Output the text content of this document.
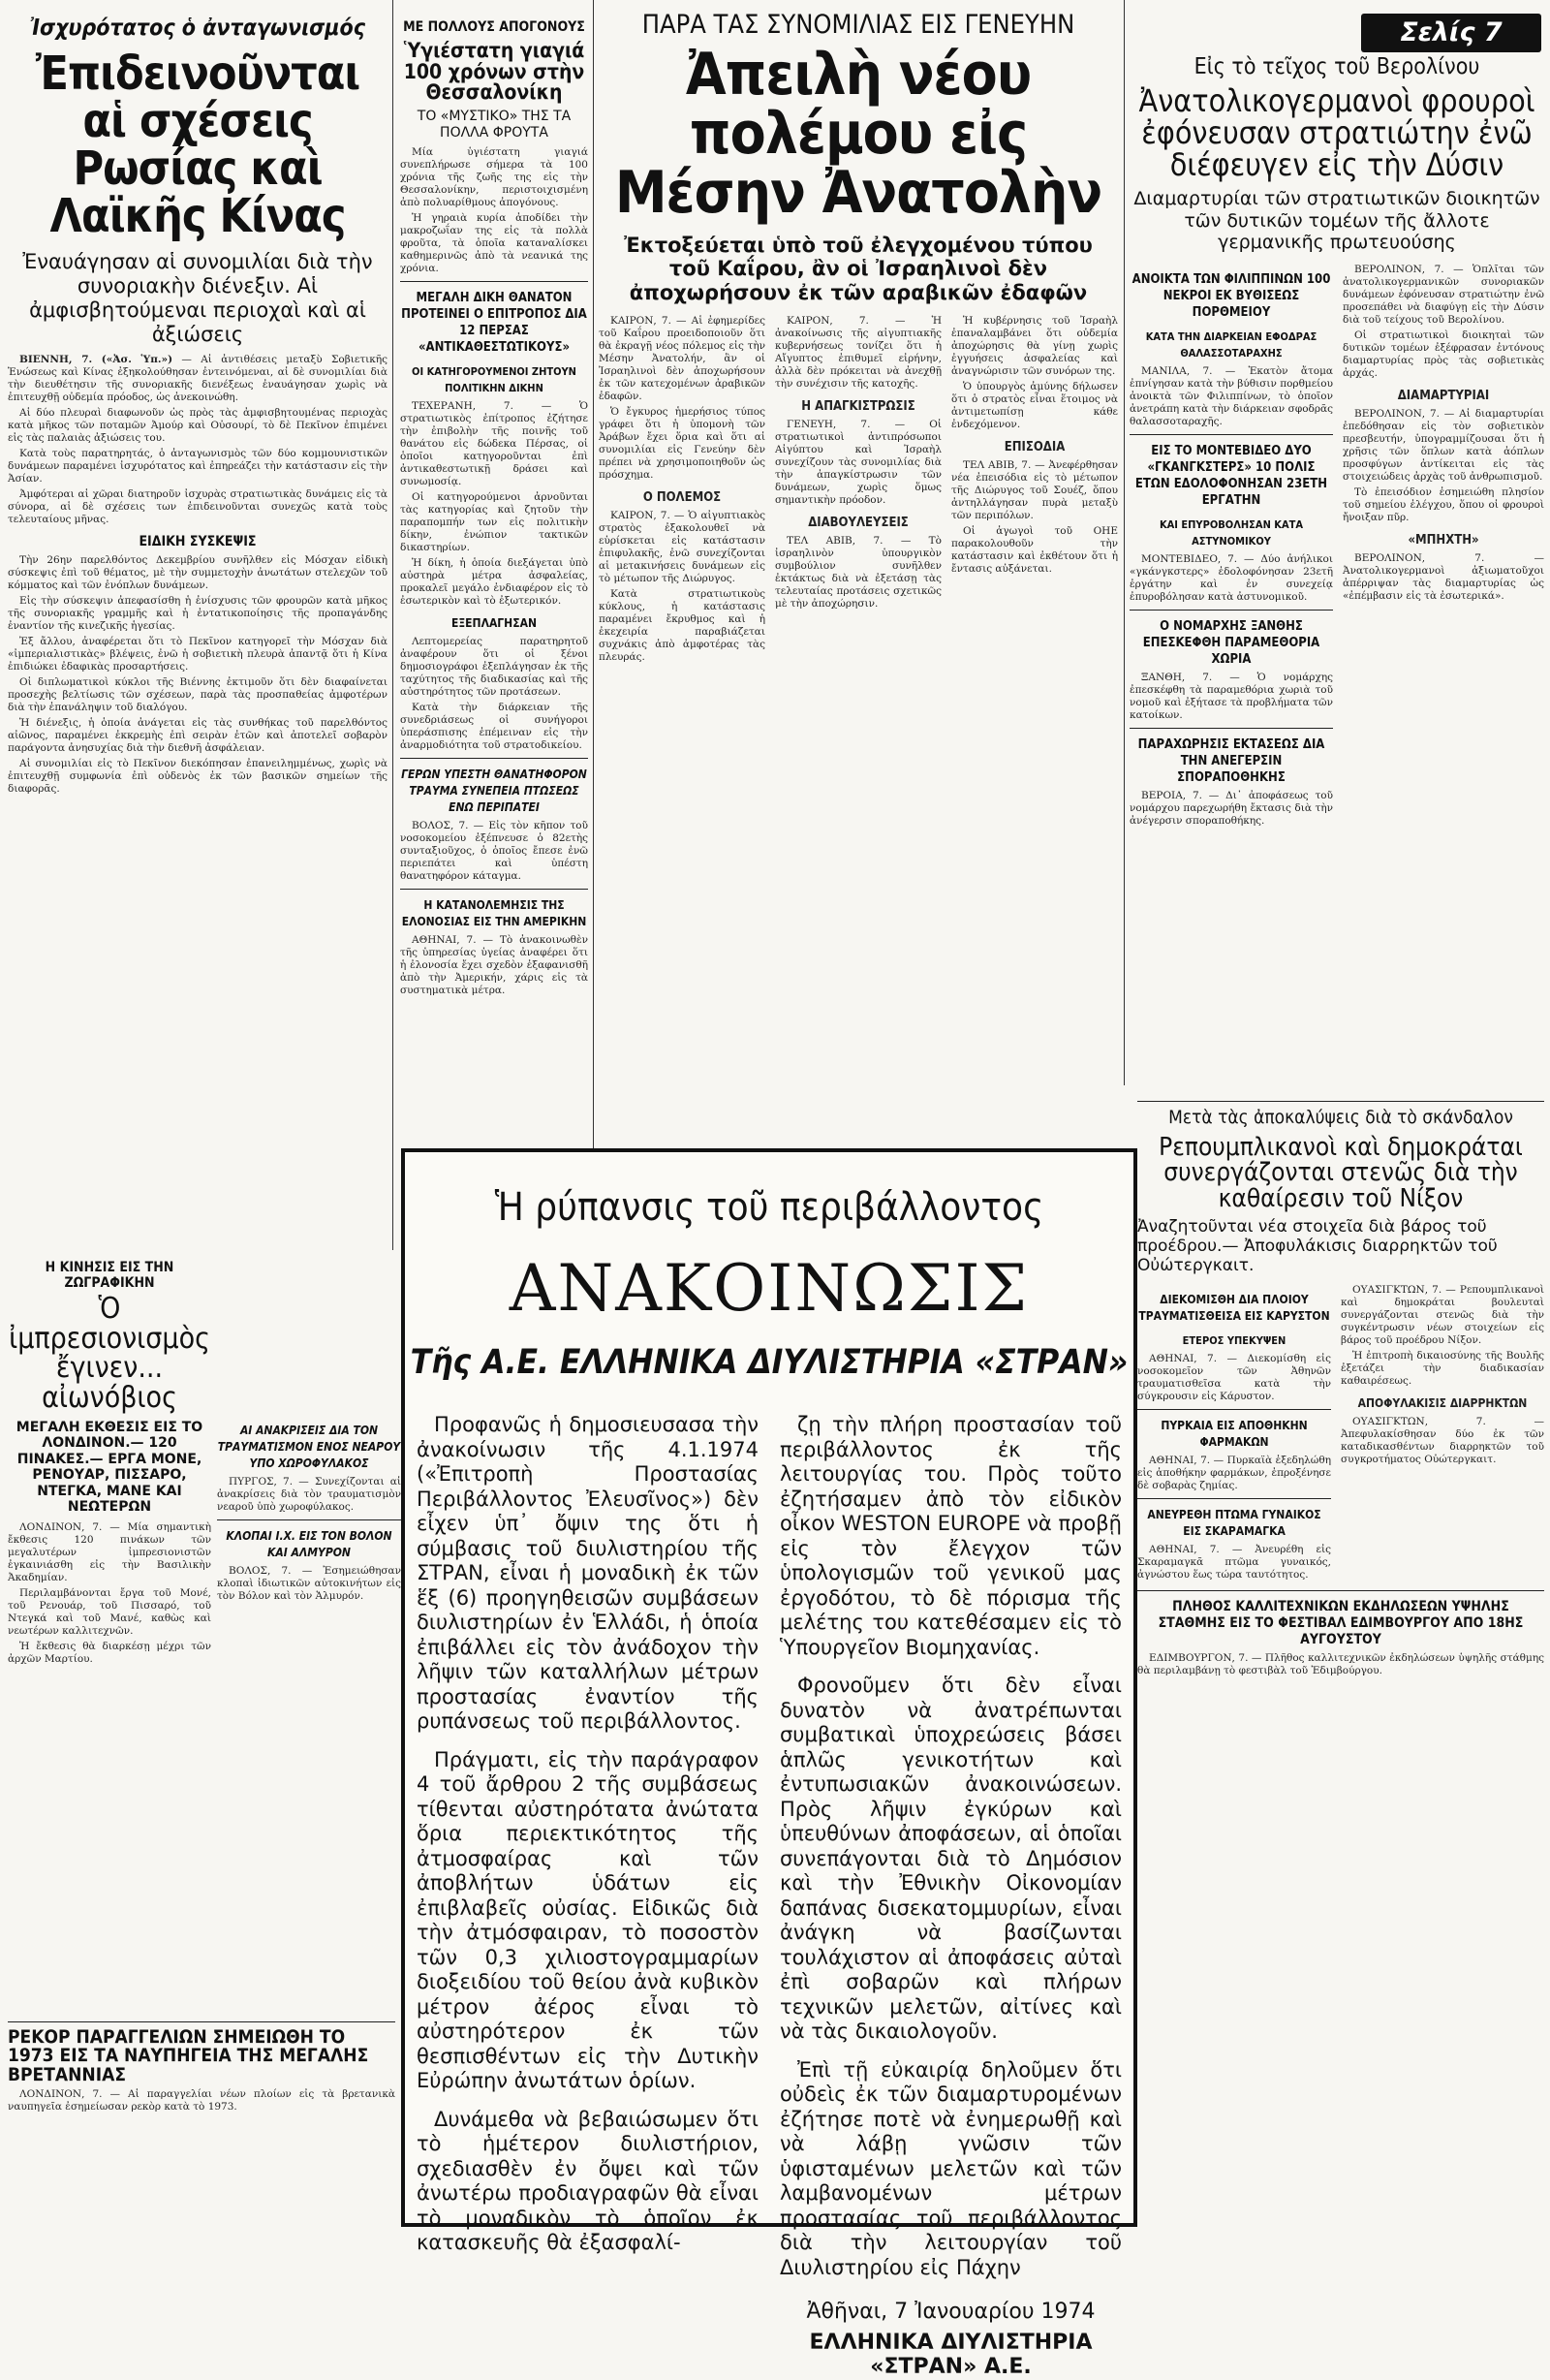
Ἰσχυρότατος ὁ ἀνταγωνισμός
Ἐπιδεινοῦνται αἱ σχέσεις Ρωσίας καὶ Λαϊκῆς Κίνας
Ἐναυάγησαν αἱ συνομιλίαι διὰ τὴν συνοριακὴν διένεξιν. Αἱ ἀμφισβητούμεναι περιοχαὶ καὶ αἱ ἀξιώσεις

ΒΙΕΝΝΗ, 7. («Ἀσ. Ὑπ.») — Αἱ ἀντιθέσεις μεταξὺ Σοβιετικῆς Ἑνώσεως καὶ Κίνας ἐξηκολούθησαν ἐντεινόμεναι, αἱ δὲ συνομιλίαι διὰ τὴν διευθέτησιν τῆς συνοριακῆς διενέξεως ἐναυάγησαν χωρὶς νὰ ἐπιτευχθῇ οὐδεμία πρόοδος, ὡς ἀνεκοινώθη.

Αἱ δύο πλευραὶ διαφωνοῦν ὡς πρὸς τὰς ἀμφισβητουμένας περιοχὰς κατὰ μῆκος τῶν ποταμῶν Ἀμούρ καὶ Οὐσουρί, τὸ δὲ Πεκῖνον ἐπιμένει εἰς τὰς παλαιὰς ἀξιώσεις του.

Κατὰ τοὺς παρατηρητάς, ὁ ἀνταγωνισμὸς τῶν δύο κομμουνιστικῶν δυνάμεων παραμένει ἰσχυρότατος καὶ ἐπηρεάζει τὴν κατάστασιν εἰς τὴν Ἀσίαν.

Ἀμφότεραι αἱ χῶραι διατηροῦν ἰσχυρὰς στρατιωτικὰς δυνάμεις εἰς τὰ σύνορα, αἱ δὲ σχέσεις των ἐπιδεινοῦνται συνεχῶς κατὰ τοὺς τελευταίους μῆνας.

ΕΙΔΙΚΗ ΣΥΣΚΕΨΙΣ

Τὴν 26ην παρελθόντος Δεκεμβρίου συνῆλθεν εἰς Μόσχαν εἰδικὴ σύσκεψις ἐπὶ τοῦ θέματος, μὲ τὴν συμμετοχὴν ἀνωτάτων στελεχῶν τοῦ κόμματος καὶ τῶν ἐνόπλων δυνάμεων.

Εἰς τὴν σύσκεψιν ἀπεφασίσθη ἡ ἐνίσχυσις τῶν φρουρῶν κατὰ μῆκος τῆς συνοριακῆς γραμμῆς καὶ ἡ ἐντατικοποίησις τῆς προπαγάνδης ἐναντίον τῆς κινεζικῆς ἡγεσίας.

Ἐξ ἄλλου, ἀναφέρεται ὅτι τὸ Πεκῖνον κατηγορεῖ τὴν Μόσχαν διὰ «ἰμπεριαλιστικὰς» βλέψεις, ἐνῶ ἡ σοβιετικὴ πλευρὰ ἀπαντᾷ ὅτι ἡ Κίνα ἐπιδιώκει ἐδαφικὰς προσαρτήσεις.

Οἱ διπλωματικοὶ κύκλοι τῆς Βιέννης ἐκτιμοῦν ὅτι δὲν διαφαίνεται προσεχὴς βελτίωσις τῶν σχέσεων, παρὰ τὰς προσπαθείας ἀμφοτέρων διὰ τὴν ἐπανάληψιν τοῦ διαλόγου.

Ἡ διένεξις, ἡ ὁποία ἀνάγεται εἰς τὰς συνθήκας τοῦ παρελθόντος αἰῶνος, παραμένει ἐκκρεμὴς ἐπὶ σειρὰν ἐτῶν καὶ ἀποτελεῖ σοβαρὸν παράγοντα ἀνησυχίας διὰ τὴν διεθνῆ ἀσφάλειαν.

Αἱ συνομιλίαι εἰς τὸ Πεκῖνον διεκόπησαν ἐπανειλημμένως, χωρὶς νὰ ἐπιτευχθῇ συμφωνία ἐπὶ οὐδενὸς ἐκ τῶν βασικῶν σημείων τῆς διαφορᾶς.

ΜΕ ΠΟΛΛΟΥΣ ΑΠΟΓΟΝΟΥΣ
Ὑγιέστατη γιαγιά 100 χρόνων στὴν Θεσσαλονίκη
ΤΟ «ΜΥΣΤΙΚΟ» ΤΗΣ ΤΑ ΠΟΛΛΑ ΦΡΟΥΤΑ

Μία ὑγιέστατη γιαγιά συνεπλήρωσε σήμερα τὰ 100 χρόνια τῆς ζωῆς της εἰς τὴν Θεσσαλονίκην, περιστοιχισμένη ἀπὸ πολυαρίθμους ἀπογόνους.

Ἡ γηραιὰ κυρία ἀποδίδει τὴν μακροζωΐαν της εἰς τὰ πολλὰ φροῦτα, τὰ ὁποῖα καταναλίσκει καθημερινῶς ἀπὸ τὰ νεανικά της χρόνια.

ΜΕΓΑΛΗ ΔΙΚΗ ΘΑΝΑΤΟΝ ΠΡΟΤΕΙΝΕΙ Ο ΕΠΙΤΡΟΠΟΣ ΔΙΑ 12 ΠΕΡΣΑΣ «ΑΝΤΙΚΑΘΕΣΤΩΤΙΚΟΥΣ»
ΟΙ ΚΑΤΗΓΟΡΟΥΜΕΝΟΙ ΖΗΤΟΥΝ ΠΟΛΙΤΙΚΗΝ ΔΙΚΗΝ

ΤΕΧΕΡΑΝΗ, 7. — Ὁ στρατιωτικὸς ἐπίτροπος ἐζήτησε τὴν ἐπιβολὴν τῆς ποινῆς τοῦ θανάτου εἰς δώδεκα Πέρσας, οἱ ὁποῖοι κατηγοροῦνται ἐπὶ ἀντικαθεστωτικῇ δράσει καὶ συνωμοσίᾳ.

Οἱ κατηγορούμενοι ἀρνοῦνται τὰς κατηγορίας καὶ ζητοῦν τὴν παραπομπήν των εἰς πολιτικὴν δίκην, ἐνώπιον τακτικῶν δικαστηρίων.

Ἡ δίκη, ἡ ὁποία διεξάγεται ὑπὸ αὐστηρὰ μέτρα ἀσφαλείας, προκαλεῖ μεγάλο ἐνδιαφέρον εἰς τὸ ἐσωτερικὸν καὶ τὸ ἐξωτερικόν.

ΕΞΕΠΛΑΓΗΣΑΝ

Λεπτομερείας παρατηρητοῦ ἀναφέρουν ὅτι οἱ ξένοι δημοσιογράφοι ἐξεπλάγησαν ἐκ τῆς ταχύτητος τῆς διαδικασίας καὶ τῆς αὐστηρότητος τῶν προτάσεων.

Κατὰ τὴν διάρκειαν τῆς συνεδριάσεως οἱ συνήγοροι ὑπεράσπισης ἐπέμειναν εἰς τὴν ἀναρμοδιότητα τοῦ στρατοδικείου.

ΓΕΡΩΝ ΥΠΕΣΤΗ ΘΑΝΑΤΗΦΟΡΟΝ ΤΡΑΥΜΑ ΣΥΝΕΠΕΙΑ ΠΤΩΣΕΩΣ ΕΝΩ ΠΕΡΙΠΑΤΕΙ

ΒΟΛΟΣ, 7. — Εἰς τὸν κῆπον τοῦ νοσοκομείου ἐξέπνευσε ὁ 82ετὴς συνταξιοῦχος, ὁ ὁποῖος ἔπεσε ἐνῶ περιεπάτει καὶ ὑπέστη θανατηφόρον κάταγμα.

Η ΚΑΤΑΝΟΛΕΜΗΣΙΣ ΤΗΣ ΕΛΟΝΟΣΙΑΣ ΕΙΣ ΤΗΝ ΑΜΕΡΙΚΗΝ

ΑΘΗΝΑΙ, 7. — Τὸ ἀνακοινωθὲν τῆς ὑπηρεσίας ὑγείας ἀναφέρει ὅτι ἡ ἐλονοσία ἔχει σχεδὸν ἐξαφανισθῆ ἀπὸ τὴν Ἀμερικήν, χάρις εἰς τὰ συστηματικὰ μέτρα.

ΠΑΡΑ ΤΑΣ ΣΥΝΟΜΙΛΙΑΣ ΕΙΣ ΓΕΝΕΥΗΝ
Ἀπειλὴ νέου πολέμου εἰς Μέσην Ἀνατολὴν
Ἐκτοξεύεται ὑπὸ τοῦ ἐλεγχομένου τύπου τοῦ Καΐρου, ἂν οἱ Ἰσραηλινοὶ δὲν ἀποχωρήσουν ἐκ τῶν αραβικῶν ἐδαφῶν

ΚΑΙΡΟΝ, 7. — Αἱ ἐφημερίδες τοῦ Καΐρου προειδοποιοῦν ὅτι θὰ ἐκραγῇ νέος πόλεμος εἰς τὴν Μέσην Ἀνατολήν, ἂν οἱ Ἰσραηλινοὶ δὲν ἀποχωρήσουν ἐκ τῶν κατεχομένων ἀραβικῶν ἐδαφῶν.

Ὁ ἔγκυρος ἡμερήσιος τύπος γράφει ὅτι ἡ ὑπομονὴ τῶν Ἀράβων ἔχει ὅρια καὶ ὅτι αἱ συνομιλίαι εἰς Γενεύην δὲν πρέπει νὰ χρησιμοποιηθοῦν ὡς πρόσχημα.

Ο ΠΟΛΕΜΟΣ

ΚΑΙΡΟΝ, 7. — Ὁ αἰγυπτιακὸς στρατὸς ἐξακολουθεῖ νὰ εὑρίσκεται εἰς κατάστασιν ἐπιφυλακῆς, ἐνῶ συνεχίζονται αἱ μετακινήσεις δυνάμεων εἰς τὸ μέτωπον τῆς Διώρυγος.

Κατὰ στρατιωτικοὺς κύκλους, ἡ κατάστασις παραμένει ἔκρυθμος καὶ ἡ ἐκεχειρία παραβιάζεται συχνάκις ἀπὸ ἀμφοτέρας τὰς πλευράς.

ΚΑΙΡΟΝ, 7. — Ἡ ἀνακοίνωσις τῆς αἰγυπτιακῆς κυβερνήσεως τονίζει ὅτι ἡ Αἴγυπτος ἐπιθυμεῖ εἰρήνην, ἀλλὰ δὲν πρόκειται νὰ ἀνεχθῇ τὴν συνέχισιν τῆς κατοχῆς.

Η ΑΠΑΓΚΙΣΤΡΩΣΙΣ

ΓΕΝΕΥΗ, 7. — Οἱ στρατιωτικοὶ ἀντιπρόσωποι Αἰγύπτου καὶ Ἰσραὴλ συνεχίζουν τὰς συνομιλίας διὰ τὴν ἀπαγκίστρωσιν τῶν δυνάμεων, χωρὶς ὅμως σημαντικὴν πρόοδον.

ΔΙΑΒΟΥΛΕΥΣΕΙΣ

ΤΕΛ ΑΒΙΒ, 7. — Τὸ ἰσραηλινὸν ὑπουργικὸν συμβούλιον συνῆλθεν ἐκτάκτως διὰ νὰ ἐξετάσῃ τὰς τελευταίας προτάσεις σχετικῶς μὲ τὴν ἀποχώρησιν.

Ἡ κυβέρνησις τοῦ Ἰσραὴλ ἐπαναλαμβάνει ὅτι οὐδεμία ἀποχώρησις θὰ γίνῃ χωρὶς ἐγγυήσεις ἀσφαλείας καὶ ἀναγνώρισιν τῶν συνόρων της.

Ὁ ὑπουργὸς ἀμύνης δήλωσεν ὅτι ὁ στρατὸς εἶναι ἕτοιμος νὰ ἀντιμετωπίσῃ κάθε ἐνδεχόμενον.

ΕΠΙΣΟΔΙΑ

ΤΕΛ ΑΒΙΒ, 7. — Ἀνεφέρθησαν νέα ἐπεισόδια εἰς τὸ μέτωπον τῆς Διώρυγος τοῦ Σουέζ, ὅπου ἀντηλλάγησαν πυρὰ μεταξὺ τῶν περιπόλων.

Οἱ ἀγωγοὶ τοῦ ΟΗΕ παρακολουθοῦν τὴν κατάστασιν καὶ ἐκθέτουν ὅτι ἡ ἔντασις αὐξάνεται.

Σελίς 7
Εἰς τὸ τεῖχος τοῦ Βερολίνου
Ἀνατολικογερμανοὶ φρουροὶ ἐφόνευσαν στρατιώτην ἐνῶ διέφευγεν εἰς τὴν Δύσιν
Διαμαρτυρίαι τῶν στρατιωτικῶν διοικητῶν τῶν δυτικῶν τομέων τῆς ἄλλοτε γερμανικῆς πρωτευούσης
ΑΝΟΙΚΤΑ ΤΩΝ ΦΙΛΙΠΠΙΝΩΝ 100 ΝΕΚΡΟΙ ΕΚ ΒΥΘΙΣΕΩΣ ΠΟΡΘΜΕΙΟΥ
ΚΑΤΑ ΤΗΝ ΔΙΑΡΚΕΙΑΝ ΕΦΟΔΡΑΣ ΘΑΛΑΣΣΟΤΑΡΑΧΗΣ

ΜΑΝΙΛΑ, 7. — Ἑκατὸν ἄτομα ἐπνίγησαν κατὰ τὴν βύθισιν πορθμείου ἀνοικτὰ τῶν Φιλιππίνων, τὸ ὁποῖον ἀνετράπη κατὰ τὴν διάρκειαν σφοδρᾶς θαλασσοταραχῆς.

ΕΙΣ ΤΟ ΜΟΝΤΕΒΙΔΕΟ ΔΥΟ «ΓΚΑΝΓΚΣΤΕΡΣ» 10 ΠΟΛΙΣ ΕΤΩΝ ΕΔΟΛΟΦΟΝΗΣΑΝ 23ΕΤΗ ΕΡΓΑΤΗΝ
ΚΑΙ ΕΠΥΡΟΒΟΛΗΣΑΝ ΚΑΤΑ ΑΣΤΥΝΟΜΙΚΟΥ

ΜΟΝΤΕΒΙΔΕΟ, 7. — Δύο ἀνήλικοι «γκάνγκστερς» ἐδολοφόνησαν 23ετῆ ἐργάτην καὶ ἐν συνεχείᾳ ἐπυροβόλησαν κατὰ ἀστυνομικοῦ.

Ο ΝΟΜΑΡΧΗΣ ΞΑΝΘΗΣ ΕΠΕΣΚΕΦΘΗ ΠΑΡΑΜΕΘΟΡΙΑ ΧΩΡΙΑ

ΞΑΝΘΗ, 7. — Ὁ νομάρχης ἐπεσκέφθη τὰ παραμεθόρια χωριὰ τοῦ νομοῦ καὶ ἐξήτασε τὰ προβλήματα τῶν κατοίκων.

ΠΑΡΑΧΩΡΗΣΙΣ ΕΚΤΑΣΕΩΣ ΔΙΑ ΤΗΝ ΑΝΕΓΕΡΣΙΝ ΣΠΟΡΑΠΟΘΗΚΗΣ

ΒΕΡΟΙΑ, 7. — Δι᾽ ἀποφάσεως τοῦ νομάρχου παρεχωρήθη ἔκτασις διὰ τὴν ἀνέγερσιν σποραποθήκης.

ΒΕΡΟΛΙΝΟΝ, 7. — Ὁπλῖται τῶν ἀνατολικογερμανικῶν συνοριακῶν δυνάμεων ἐφόνευσαν στρατιώτην ἐνῶ προσεπάθει νὰ διαφύγῃ εἰς τὴν Δύσιν διὰ τοῦ τείχους τοῦ Βερολίνου.

Οἱ στρατιωτικοὶ διοικηταὶ τῶν δυτικῶν τομέων ἐξέφρασαν ἐντόνους διαμαρτυρίας πρὸς τὰς σοβιετικὰς ἀρχάς.

ΔΙΑΜΑΡΤΥΡΙΑΙ

ΒΕΡΟΛΙΝΟΝ, 7. — Αἱ διαμαρτυρίαι ἐπεδόθησαν εἰς τὸν σοβιετικὸν πρεσβευτήν, ὑπογραμμίζουσαι ὅτι ἡ χρῆσις τῶν ὅπλων κατὰ ἀόπλων προσφύγων ἀντίκειται εἰς τὰς στοιχειώδεις ἀρχὰς τοῦ ἀνθρωπισμοῦ.

Τὸ ἐπεισόδιον ἐσημειώθη πλησίον τοῦ σημείου ἐλέγχου, ὅπου οἱ φρουροὶ ἤνοιξαν πῦρ.

«ΜΠΗΧΤΗ»

ΒΕΡΟΛΙΝΟΝ, 7. — Ἀνατολικογερμανοὶ ἀξιωματοῦχοι ἀπέρριψαν τὰς διαμαρτυρίας ὡς «ἐπέμβασιν εἰς τὰ ἐσωτερικά».

Η ΚΙΝΗΣΙΣ ΕΙΣ ΤΗΝ ΖΩΓΡΑΦΙΚΗΝ
Ὁ ἰμπρεσιονισμὸς ἔγινεν... αἰωνόβιος
ΜΕΓΑΛΗ ΕΚΘΕΣΙΣ ΕΙΣ ΤΟ ΛΟΝΔΙΝΟΝ.— 120 ΠΙΝΑΚΕΣ.— ΕΡΓΑ ΜΟΝΕ, ΡΕΝΟΥΑΡ, ΠΙΣΣΑΡΟ, ΝΤΕΓΚΑ, ΜΑΝΕ ΚΑΙ ΝΕΩΤΕΡΩΝ

ΛΟΝΔΙΝΟΝ, 7. — Μία σημαντικὴ ἔκθεσις 120 πινάκων τῶν μεγαλυτέρων ἰμπρεσιονιστῶν ἐγκαινιάσθη εἰς τὴν Βασιλικὴν Ἀκαδημίαν.

Περιλαμβάνονται ἔργα τοῦ Μονέ, τοῦ Ρενουάρ, τοῦ Πισσαρό, τοῦ Ντεγκά καὶ τοῦ Μανέ, καθὼς καὶ νεωτέρων καλλιτεχνῶν.

Ἡ ἔκθεσις θὰ διαρκέσῃ μέχρι τῶν ἀρχῶν Μαρτίου.

ΑΙ ΑΝΑΚΡΙΣΕΙΣ ΔΙΑ ΤΟΝ ΤΡΑΥΜΑΤΙΣΜΟΝ ΕΝΟΣ ΝΕΑΡΟΥ ΥΠΟ ΧΩΡΟΦΥΛΑΚΟΣ

ΠΥΡΓΟΣ, 7. — Συνεχίζονται αἱ ἀνακρίσεις διὰ τὸν τραυματισμὸν νεαροῦ ὑπὸ χωροφύλακος.

ΚΛΟΠΑΙ Ι.Χ. ΕΙΣ ΤΟΝ ΒΟΛΟΝ ΚΑΙ ΑΛΜΥΡΟΝ

ΒΟΛΟΣ, 7. — Ἐσημειώθησαν κλοπαὶ ἰδιωτικῶν αὐτοκινήτων εἰς τὸν Βόλον καὶ τὸν Ἁλμυρόν.

ΡΕΚΟΡ ΠΑΡΑΓΓΕΛΙΩΝ ΣΗΜΕΙΩΘΗ ΤΟ 1973 ΕΙΣ ΤΑ ΝΑΥΠΗΓΕΙΑ ΤΗΣ ΜΕΓΑΛΗΣ ΒΡΕΤΑΝΝΙΑΣ

ΛΟΝΔΙΝΟΝ, 7. — Αἱ παραγγελίαι νέων πλοίων εἰς τὰ βρετανικὰ ναυπηγεῖα ἐσημείωσαν ρεκὸρ κατὰ τὸ 1973.

Ἡ ρύπανσις τοῦ περιβάλλοντος
ΑΝΑΚΟΙΝΩΣΙΣ
Τῆς Α.Ε. ΕΛΛΗΝΙΚΑ ΔΙΥΛΙΣΤΗΡΙΑ «ΣΤΡΑΝ»

Προφανῶς ἡ δημοσιευσασα τὴν ἀνακοίνωσιν τῆς 4.1.1974 («Ἐπιτροπὴ Προστασίας Περιβάλλοντος Ἐλευσῖνος») δὲν εἶχεν ὑπ᾽ ὄψιν της ὅτι ἡ σύμβασις τοῦ διυλιστηρίου τῆς ΣΤΡΑΝ, εἶναι ἡ μοναδικὴ ἐκ τῶν ἕξ (6) προηγηθεισῶν συμβάσεων διυλιστηρίων ἐν Ἑλλάδι, ἡ ὁποία ἐπιβάλλει εἰς τὸν ἀνάδοχον τὴν λῆψιν τῶν καταλλήλων μέτρων προστασίας ἐναντίον τῆς ρυπάνσεως τοῦ περιβάλλοντος.

Πράγματι, εἰς τὴν παράγραφον 4 τοῦ ἄρθρου 2 τῆς συμβάσεως τίθενται αὐστηρότατα ἀνώτατα ὅρια περιεκτικότητος τῆς ἀτμοσφαίρας καὶ τῶν ἀποβλήτων ὑδάτων εἰς ἐπιβλαβεῖς οὐσίας. Εἰδικῶς διὰ τὴν ἀτμόσφαιραν, τὸ ποσοστὸν τῶν 0,3 χιλιοστογραμμαρίων διοξειδίου τοῦ θείου ἀνὰ κυβικὸν μέτρον ἀέρος εἶναι τὸ αὐστηρότερον ἐκ τῶν θεσπισθέντων εἰς τὴν Δυτικὴν Εὐρώπην ἀνωτάτων ὁρίων.

Δυνάμεθα νὰ βεβαιώσωμεν ὅτι τὸ ἡμέτερον διυλιστήριον, σχεδιασθὲν ἐν ὄψει καὶ τῶν ἀνωτέρω προδιαγραφῶν θὰ εἶναι τὸ μοναδικὸν τὸ ὁποῖον ἐκ κατασκευῆς θὰ ἐξασφαλί-

ζῃ τὴν πλήρη προστασίαν τοῦ περιβάλλοντος ἐκ τῆς λειτουργίας του. Πρὸς τοῦτο ἐζητήσαμεν ἀπὸ τὸν εἰδικὸν οἶκον WESTON EUROPE νὰ προβῇ εἰς τὸν ἔλεγχον τῶν ὑπολογισμῶν τοῦ γενικοῦ μας ἐργοδότου, τὸ δὲ πόρισμα τῆς μελέτης του κατεθέσαμεν εἰς τὸ Ὑπουργεῖον Βιομηχανίας.

Φρονοῦμεν ὅτι δὲν εἶναι δυνατὸν νὰ ἀνατρέπωνται συμβατικαὶ ὑποχρεώσεις βάσει ἁπλῶς γενικοτήτων καὶ ἐντυπωσιακῶν ἀνακοινώσεων. Πρὸς λῆψιν ἐγκύρων καὶ ὑπευθύνων ἀποφάσεων, αἱ ὁποῖαι συνεπάγονται διὰ τὸ Δημόσιον καὶ τὴν Ἐθνικὴν Οἰκονομίαν δαπάνας δισεκατομμυρίων, εἶναι ἀνάγκη νὰ βασίζωνται τουλάχιστον αἱ ἀποφάσεις αὐταὶ ἐπὶ σοβαρῶν καὶ πλήρων τεχνικῶν μελετῶν, αἰτίνες καὶ νὰ τὰς δικαιολογοῦν.

Ἐπὶ τῇ εὐκαιρίᾳ δηλοῦμεν ὅτι οὐδεὶς ἐκ τῶν διαμαρτυρομένων ἐζήτησε ποτὲ νὰ ἐνημερωθῇ καὶ νὰ λάβῃ γνῶσιν τῶν ὑφισταμένων μελετῶν καὶ τῶν λαμβανομένων μέτρων προστασίας τοῦ περιβάλλοντος διὰ τὴν λειτουργίαν τοῦ Διυλιστηρίου εἰς Πάχην

Ἀθῆναι, 7 Ἰανουαρίου 1974
ΕΛΛΗΝΙΚΑ ΔΙΥΛΙΣΤΗΡΙΑ «ΣΤΡΑΝ» Α.Ε.
Μετὰ τὰς ἀποκαλύψεις διὰ τὸ σκάνδαλον
Ρεπουμπλικανοὶ καὶ δημοκράται συνεργάζονται στενῶς διὰ τὴν καθαίρεσιν τοῦ Νίξον
Ἀναζητοῦνται νέα στοιχεῖα διὰ βάρος τοῦ προέδρου.— Ἀποφυλάκισις διαρρηκτῶν τοῦ Οὐώτεργκαιτ.
ΔΙΕΚΟΜΙΣΘΗ ΔΙΑ ΠΛΟΙΟΥ ΤΡΑΥΜΑΤΙΣΘΕΙΣΑ ΕΙΣ ΚΑΡΥΣΤΟΝ
ΕΤΕΡΟΣ ΥΠΕΚΥΨΕΝ

ΑΘΗΝΑΙ, 7. — Διεκομίσθη εἰς νοσοκομεῖον τῶν Ἀθηνῶν τραυματισθεῖσα κατὰ τὴν σύγκρουσιν εἰς Κάρυστον.

ΠΥΡΚΑΙΑ ΕΙΣ ΑΠΟΘΗΚΗΝ ΦΑΡΜΑΚΩΝ

ΑΘΗΝΑΙ, 7. — Πυρκαϊὰ ἐξεδηλώθη εἰς ἀποθήκην φαρμάκων, ἐπροξένησε δὲ σοβαρὰς ζημίας.

ΑΝΕΥΡΕΘΗ ΠΤΩΜΑ ΓΥΝΑΙΚΟΣ ΕΙΣ ΣΚΑΡΑΜΑΓΚΑ

ΑΘΗΝΑΙ, 7. — Ἀνευρέθη εἰς Σκαραμαγκᾶ πτῶμα γυναικός, ἀγνώστου ἕως τώρα ταυτότητος.

ΟΥΑΣΙΓΚΤΩΝ, 7. — Ρεπουμπλικανοὶ καὶ δημοκράται βουλευταὶ συνεργάζονται στενῶς διὰ τὴν συγκέντρωσιν νέων στοιχείων εἰς βάρος τοῦ προέδρου Νίξον.

Ἡ ἐπιτροπὴ δικαιοσύνης τῆς Βουλῆς ἐξετάζει τὴν διαδικασίαν καθαιρέσεως.

ΑΠΟΦΥΛΑΚΙΣΙΣ ΔΙΑΡΡΗΚΤΩΝ

ΟΥΑΣΙΓΚΤΩΝ, 7. — Ἀπεφυλακίσθησαν δύο ἐκ τῶν καταδικασθέντων διαρρηκτῶν τοῦ συγκροτήματος Οὐώτεργκαιτ.

ΠΛΗΘΟΣ ΚΑΛΛΙΤΕΧΝΙΚΩΝ ΕΚΔΗΛΩΣΕΩΝ ΥΨΗΛΗΣ ΣΤΑΘΜΗΣ ΕΙΣ ΤΟ ΦΕΣΤΙΒΑΛ ΕΔΙΜΒΟΥΡΓΟΥ ΑΠΟ 18ΗΣ ΑΥΓΟΥΣΤΟΥ

ΕΔΙΜΒΟΥΡΓΟΝ, 7. — Πλῆθος καλλιτεχνικῶν ἐκδηλώσεων ὑψηλῆς στάθμης θὰ περιλαμβάνῃ τὸ φεστιβὰλ τοῦ Ἐδιμβούργου.
